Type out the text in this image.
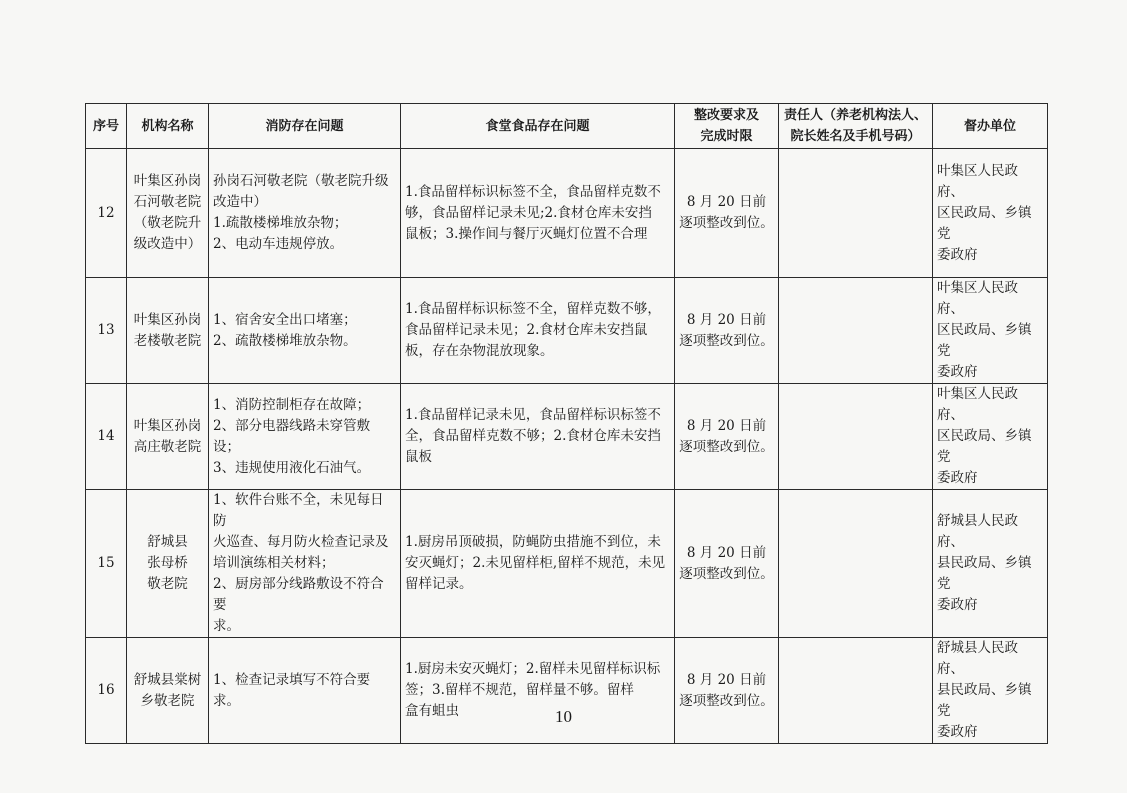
序号	机构名称	消防存在问题	食堂食品存在问题	整改要求及
完成时限	责任人（养老机构法人、
院长姓名及手机号码）	督办单位
12	叶集区孙岗
石河敬老院
（敬老院升
级改造中）	孙岗石河敬老院（敬老院升级
改造中）
1.疏散楼梯堆放杂物；
2、电动车违规停放。	1.食品留样标识标签不全，食品留样克数不
够，食品留样记录未见;2.食材仓库未安挡
鼠板；3.操作间与餐厅灭蝇灯位置不合理	8 月 20 日前
逐项整改到位。		叶集区人民政府、
区民政局、乡镇党
委政府
13	叶集区孙岗
老楼敬老院	1、宿舍安全出口堵塞；
2、疏散楼梯堆放杂物。	1.食品留样标识标签不全，留样克数不够，
食品留样记录未见；2.食材仓库未安挡鼠
板，存在杂物混放现象。	8 月 20 日前
逐项整改到位。		叶集区人民政府、
区民政局、乡镇党
委政府
14	叶集区孙岗
高庄敬老院	1、消防控制柜存在故障；
2、部分电器线路未穿管敷设；
3、违规使用液化石油气。	1.食品留样记录未见，食品留样标识标签不
全，食品留样克数不够；2.食材仓库未安挡
鼠板	8 月 20 日前
逐项整改到位。		叶集区人民政府、
区民政局、乡镇党
委政府
15	舒城县
张母桥
敬老院	1、软件台账不全，未见每日防
火巡查、每月防火检查记录及
培训演练相关材料；
2、厨房部分线路敷设不符合要
求。	1.厨房吊顶破损，防蝇防虫措施不到位，未
安灭蝇灯；2.未见留样柜,留样不规范，未见
留样记录。	8 月 20 日前
逐项整改到位。		舒城县人民政府、
县民政局、乡镇党
委政府
16	舒城县棠树
乡敬老院	1、检查记录填写不符合要求。	1.厨房未安灭蝇灯；2.留样未见留样标识标
签；3.留样不规范，留样量不够。留样
盒有蛆虫	8 月 20 日前
逐项整改到位。		舒城县人民政府、
县民政局、乡镇党
委政府
10
